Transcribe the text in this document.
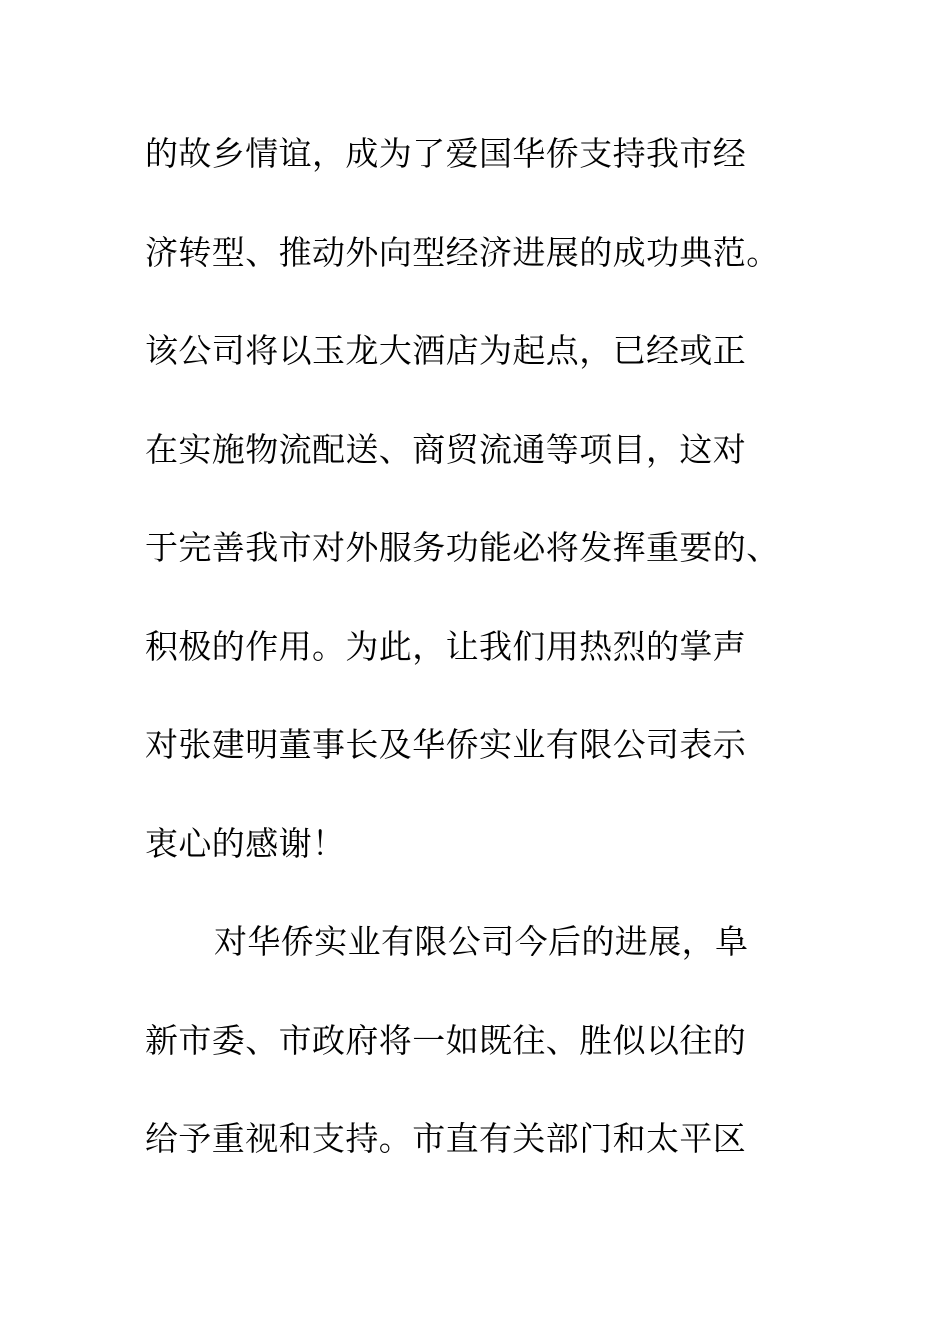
的故乡情谊，成为了爱国华侨支持我市经
济转型、推动外向型经济进展的成功典范。
该公司将以玉龙大酒店为起点，已经或正
在实施物流配送、商贸流通等项目，这对
于完善我市对外服务功能必将发挥重要的、
积极的作用。为此，让我们用热烈的掌声
对张建明董事长及华侨实业有限公司表示
衷心的感谢！
对华侨实业有限公司今后的进展，阜
新市委、市政府将一如既往、胜似以往的
给予重视和支持。市直有关部门和太平区
